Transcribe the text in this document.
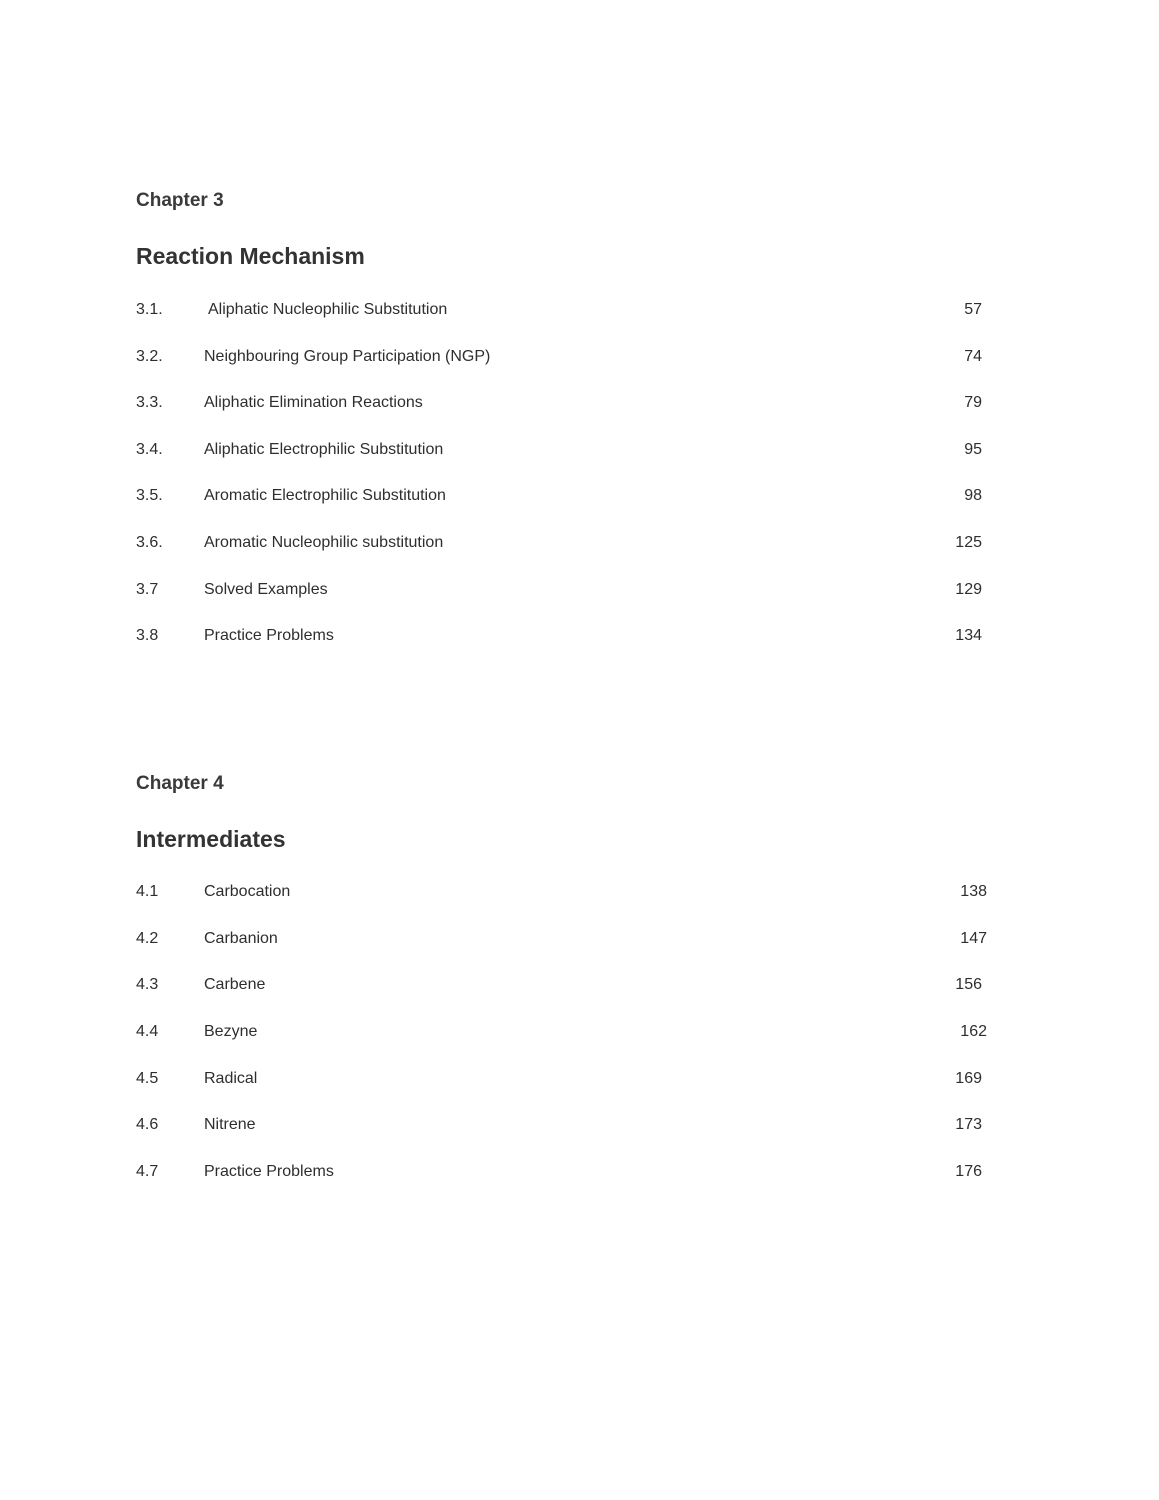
Chapter 3
Reaction Mechanism
3.1.	Aliphatic Nucleophilic Substitution	57
3.2.	Neighbouring Group Participation (NGP)	74
3.3.	Aliphatic Elimination Reactions	79
3.4.	Aliphatic Electrophilic Substitution	95
3.5.	Aromatic Electrophilic Substitution	98
3.6.	Aromatic Nucleophilic substitution	125
3.7	Solved Examples	129
3.8	Practice Problems	134
Chapter 4
Intermediates
4.1	Carbocation	138
4.2	Carbanion	147
4.3	Carbene	156
4.4	Bezyne	162
4.5	Radical	169
4.6	Nitrene	173
4.7	Practice Problems	176
